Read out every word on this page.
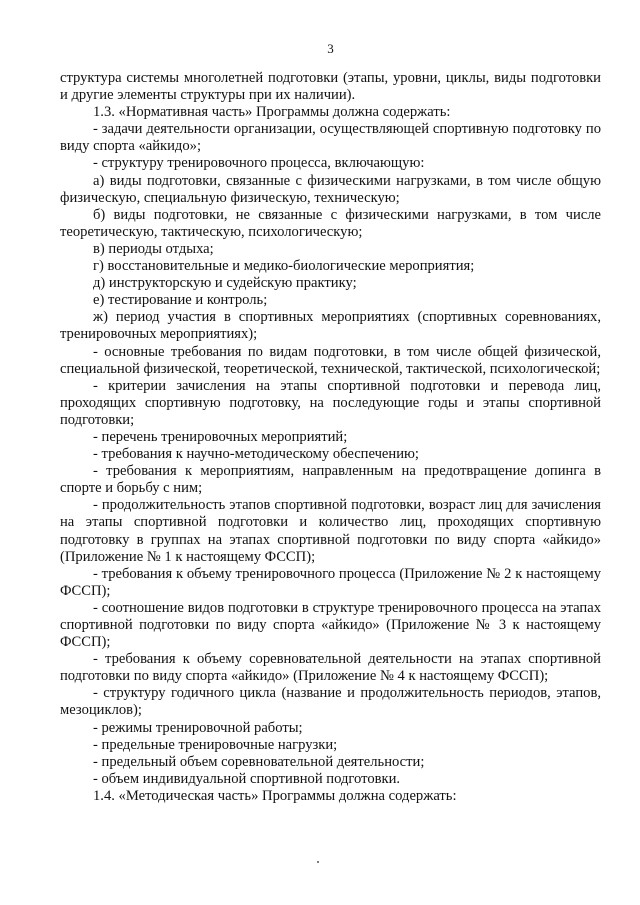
3

структура системы многолетней подготовки (этапы, уровни, циклы, виды подготовки и другие элементы структуры при их наличии).

1.3. «Нормативная часть» Программы должна содержать:

- задачи деятельности организации, осуществляющей спортивную подготовку по виду спорта «айкидо»;

- структуру тренировочного процесса, включающую:

а) виды подготовки, связанные с физическими нагрузками, в том числе общую физическую, специальную физическую, техническую;

б) виды подготовки, не связанные с физическими нагрузками, в том числе теоретическую, тактическую, психологическую;

в) периоды отдыха;

г) восстановительные и медико-биологические мероприятия;

д) инструкторскую и судейскую практику;

е) тестирование и контроль;

ж) период участия в спортивных мероприятиях (спортивных соревнованиях, тренировочных мероприятиях);

- основные требования по видам подготовки, в том числе общей физической, специальной физической, теоретической, технической, тактической, психологической;

- критерии зачисления на этапы спортивной подготовки и перевода лиц, проходящих спортивную подготовку, на последующие годы и этапы спортивной подготовки;

- перечень тренировочных мероприятий;

- требования к научно-методическому обеспечению;

- требования к мероприятиям, направленным на предотвращение допинга в спорте и борьбу с ним;

- продолжительность этапов спортивной подготовки, возраст лиц для зачисления на этапы спортивной подготовки и количество лиц, проходящих спортивную подготовку в группах на этапах спортивной подготовки по виду спорта «айкидо» (Приложение № 1 к настоящему ФССП);

- требования к объему тренировочного процесса (Приложение № 2 к настоящему ФССП);

- соотношение видов подготовки в структуре тренировочного процесса на этапах спортивной подготовки по виду спорта «айкидо» (Приложение № 3 к настоящему ФССП);

- требования к объему соревновательной деятельности на этапах спортивной подготовки по виду спорта «айкидо» (Приложение № 4 к настоящему ФССП);

- структуру годичного цикла (название и продолжительность периодов, этапов, мезоциклов);

- режимы тренировочной работы;

- предельные тренировочные нагрузки;

- предельный объем соревновательной деятельности;

- объем индивидуальной спортивной подготовки.

1.4. «Методическая часть» Программы должна содержать:
